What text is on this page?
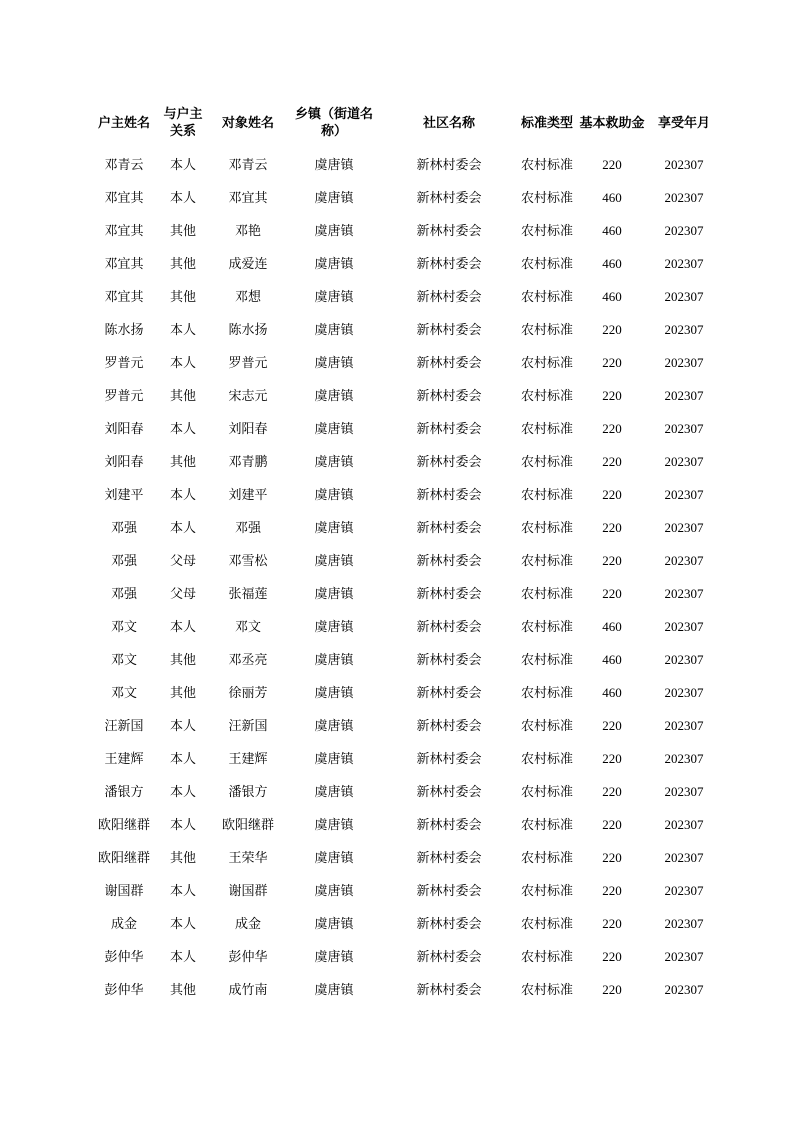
户主姓名	与户主关系	对象姓名	乡镇（街道名称）	社区名称	标准类型	基本救助金	享受年月
邓青云	本人	邓青云	虞唐镇	新林村委会	农村标准	220	202307
邓宜其	本人	邓宜其	虞唐镇	新林村委会	农村标准	460	202307
邓宜其	其他	邓艳	虞唐镇	新林村委会	农村标准	460	202307
邓宜其	其他	成爱连	虞唐镇	新林村委会	农村标准	460	202307
邓宜其	其他	邓想	虞唐镇	新林村委会	农村标准	460	202307
陈水扬	本人	陈水扬	虞唐镇	新林村委会	农村标准	220	202307
罗普元	本人	罗普元	虞唐镇	新林村委会	农村标准	220	202307
罗普元	其他	宋志元	虞唐镇	新林村委会	农村标准	220	202307
刘阳春	本人	刘阳春	虞唐镇	新林村委会	农村标准	220	202307
刘阳春	其他	邓青鹏	虞唐镇	新林村委会	农村标准	220	202307
刘建平	本人	刘建平	虞唐镇	新林村委会	农村标准	220	202307
邓强	本人	邓强	虞唐镇	新林村委会	农村标准	220	202307
邓强	父母	邓雪松	虞唐镇	新林村委会	农村标准	220	202307
邓强	父母	张福莲	虞唐镇	新林村委会	农村标准	220	202307
邓文	本人	邓文	虞唐镇	新林村委会	农村标准	460	202307
邓文	其他	邓丞亮	虞唐镇	新林村委会	农村标准	460	202307
邓文	其他	徐丽芳	虞唐镇	新林村委会	农村标准	460	202307
汪新国	本人	汪新国	虞唐镇	新林村委会	农村标准	220	202307
王建辉	本人	王建辉	虞唐镇	新林村委会	农村标准	220	202307
潘银方	本人	潘银方	虞唐镇	新林村委会	农村标准	220	202307
欧阳继群	本人	欧阳继群	虞唐镇	新林村委会	农村标准	220	202307
欧阳继群	其他	王荣华	虞唐镇	新林村委会	农村标准	220	202307
谢国群	本人	谢国群	虞唐镇	新林村委会	农村标准	220	202307
成金	本人	成金	虞唐镇	新林村委会	农村标准	220	202307
彭仲华	本人	彭仲华	虞唐镇	新林村委会	农村标准	220	202307
彭仲华	其他	成竹南	虞唐镇	新林村委会	农村标准	220	202307
